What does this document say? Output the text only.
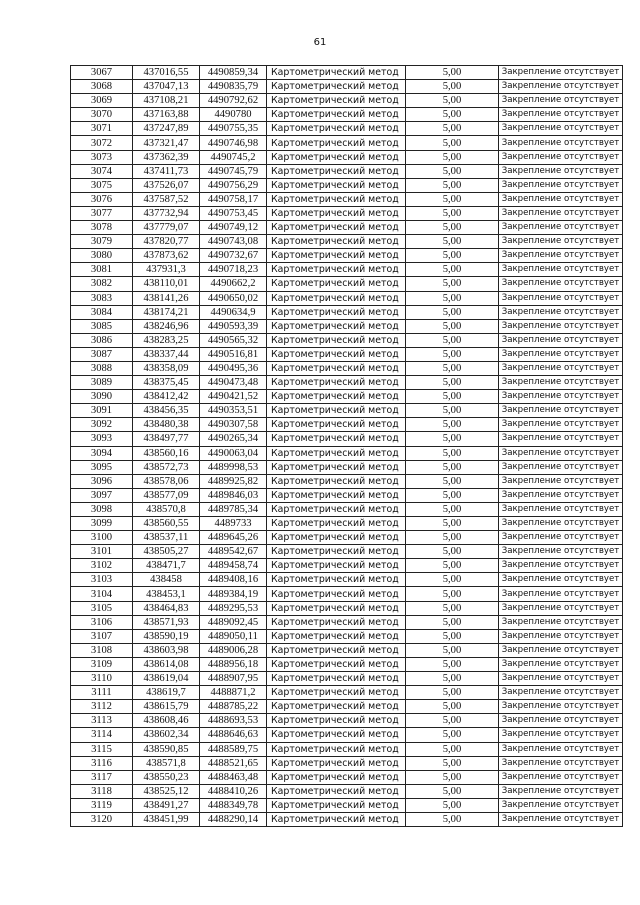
61
3067	437016,55	4490859,34	Картометрический метод	5,00	Закрепление отсутствует
3068	437047,13	4490835,79	Картометрический метод	5,00	Закрепление отсутствует
3069	437108,21	4490792,62	Картометрический метод	5,00	Закрепление отсутствует
3070	437163,88	4490780	Картометрический метод	5,00	Закрепление отсутствует
3071	437247,89	4490755,35	Картометрический метод	5,00	Закрепление отсутствует
3072	437321,47	4490746,98	Картометрический метод	5,00	Закрепление отсутствует
3073	437362,39	4490745,2	Картометрический метод	5,00	Закрепление отсутствует
3074	437411,73	4490745,79	Картометрический метод	5,00	Закрепление отсутствует
3075	437526,07	4490756,29	Картометрический метод	5,00	Закрепление отсутствует
3076	437587,52	4490758,17	Картометрический метод	5,00	Закрепление отсутствует
3077	437732,94	4490753,45	Картометрический метод	5,00	Закрепление отсутствует
3078	437779,07	4490749,12	Картометрический метод	5,00	Закрепление отсутствует
3079	437820,77	4490743,08	Картометрический метод	5,00	Закрепление отсутствует
3080	437873,62	4490732,67	Картометрический метод	5,00	Закрепление отсутствует
3081	437931,3	4490718,23	Картометрический метод	5,00	Закрепление отсутствует
3082	438110,01	4490662,2	Картометрический метод	5,00	Закрепление отсутствует
3083	438141,26	4490650,02	Картометрический метод	5,00	Закрепление отсутствует
3084	438174,21	4490634,9	Картометрический метод	5,00	Закрепление отсутствует
3085	438246,96	4490593,39	Картометрический метод	5,00	Закрепление отсутствует
3086	438283,25	4490565,32	Картометрический метод	5,00	Закрепление отсутствует
3087	438337,44	4490516,81	Картометрический метод	5,00	Закрепление отсутствует
3088	438358,09	4490495,36	Картометрический метод	5,00	Закрепление отсутствует
3089	438375,45	4490473,48	Картометрический метод	5,00	Закрепление отсутствует
3090	438412,42	4490421,52	Картометрический метод	5,00	Закрепление отсутствует
3091	438456,35	4490353,51	Картометрический метод	5,00	Закрепление отсутствует
3092	438480,38	4490307,58	Картометрический метод	5,00	Закрепление отсутствует
3093	438497,77	4490265,34	Картометрический метод	5,00	Закрепление отсутствует
3094	438560,16	4490063,04	Картометрический метод	5,00	Закрепление отсутствует
3095	438572,73	4489998,53	Картометрический метод	5,00	Закрепление отсутствует
3096	438578,06	4489925,82	Картометрический метод	5,00	Закрепление отсутствует
3097	438577,09	4489846,03	Картометрический метод	5,00	Закрепление отсутствует
3098	438570,8	4489785,34	Картометрический метод	5,00	Закрепление отсутствует
3099	438560,55	4489733	Картометрический метод	5,00	Закрепление отсутствует
3100	438537,11	4489645,26	Картометрический метод	5,00	Закрепление отсутствует
3101	438505,27	4489542,67	Картометрический метод	5,00	Закрепление отсутствует
3102	438471,7	4489458,74	Картометрический метод	5,00	Закрепление отсутствует
3103	438458	4489408,16	Картометрический метод	5,00	Закрепление отсутствует
3104	438453,1	4489384,19	Картометрический метод	5,00	Закрепление отсутствует
3105	438464,83	4489295,53	Картометрический метод	5,00	Закрепление отсутствует
3106	438571,93	4489092,45	Картометрический метод	5,00	Закрепление отсутствует
3107	438590,19	4489050,11	Картометрический метод	5,00	Закрепление отсутствует
3108	438603,98	4489006,28	Картометрический метод	5,00	Закрепление отсутствует
3109	438614,08	4488956,18	Картометрический метод	5,00	Закрепление отсутствует
3110	438619,04	4488907,95	Картометрический метод	5,00	Закрепление отсутствует
3111	438619,7	4488871,2	Картометрический метод	5,00	Закрепление отсутствует
3112	438615,79	4488785,22	Картометрический метод	5,00	Закрепление отсутствует
3113	438608,46	4488693,53	Картометрический метод	5,00	Закрепление отсутствует
3114	438602,34	4488646,63	Картометрический метод	5,00	Закрепление отсутствует
3115	438590,85	4488589,75	Картометрический метод	5,00	Закрепление отсутствует
3116	438571,8	4488521,65	Картометрический метод	5,00	Закрепление отсутствует
3117	438550,23	4488463,48	Картометрический метод	5,00	Закрепление отсутствует
3118	438525,12	4488410,26	Картометрический метод	5,00	Закрепление отсутствует
3119	438491,27	4488349,78	Картометрический метод	5,00	Закрепление отсутствует
3120	438451,99	4488290,14	Картометрический метод	5,00	Закрепление отсутствует
